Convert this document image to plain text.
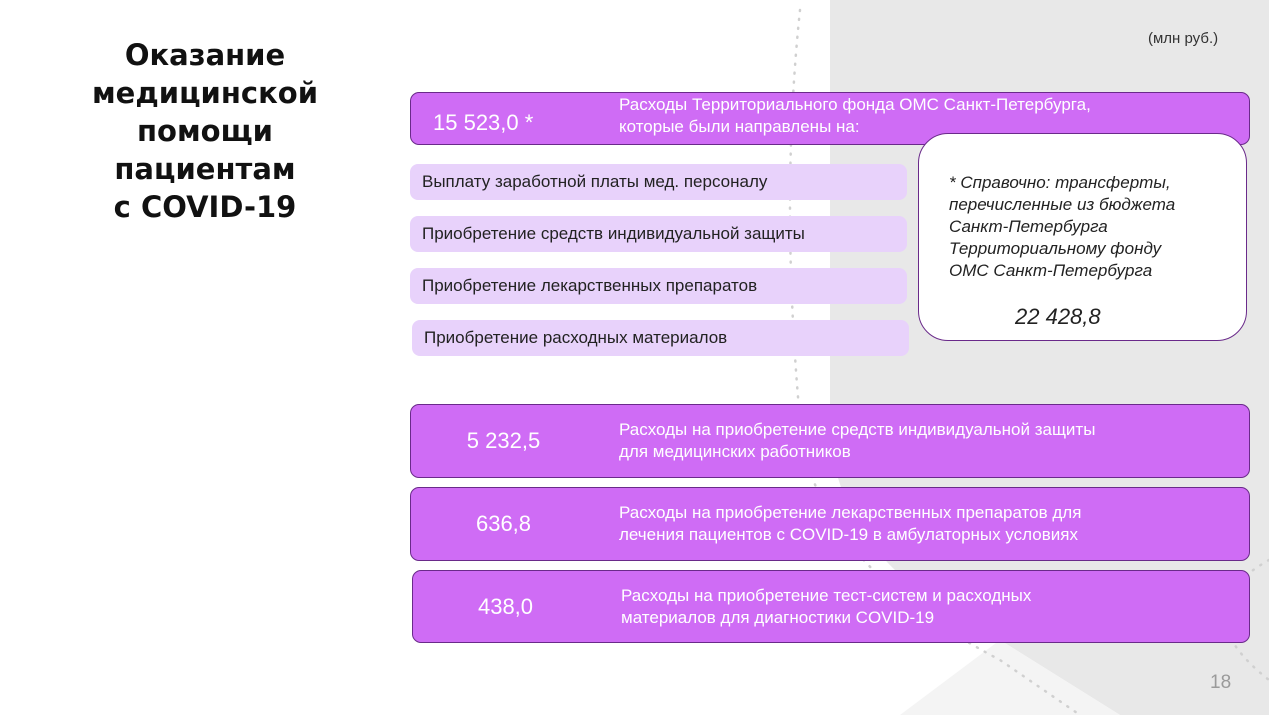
Оказание
медицинской
помощи
пациентам
с COVID-19
(млн руб.)
15 523,0 *
Расходы Территориального фонда ОМС Санкт-Петербурга,
которые были направлены на:
Выплату заработной платы мед. персоналу
Приобретение средств индивидуальной защиты
Приобретение лекарственных препаратов
Приобретение расходных материалов
* Справочно: трансферты,
перечисленные из бюджета
Санкт-Петербурга
Территориальному фонду
ОМС Санкт-Петербурга
22 428,8
5 232,5	Расходы на приобретение средств индивидуальной защиты
для медицинских работников
636,8	Расходы на приобретение лекарственных препаратов для
лечения пациентов с COVID-19 в амбулаторных условиях
438,0	Расходы на приобретение тест-систем и расходных
материалов для диагностики COVID-19
18
